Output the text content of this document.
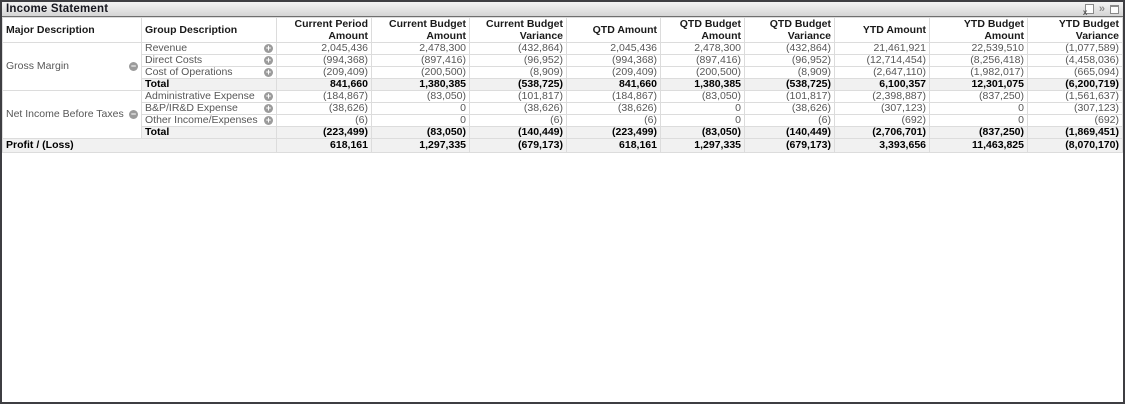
Income Statement	x »
Major Description	Group Description	Current Period Amount	Current Budget Amount	Current Budget Variance	QTD Amount	QTD Budget Amount	QTD Budget Variance	YTD Amount	YTD Budget Amount	YTD Budget Variance

Gross Margin −	Revenue +	2,045,436	2,478,300	(432,864)	2,045,436	2,478,300	(432,864)	21,461,921	22,539,510	(1,077,589)

	Direct Costs +	(994,368)	(897,416)	(96,952)	(994,368)	(897,416)	(96,952)	(12,714,454)	(8,256,418)	(4,458,036)

	Cost of Operations +	(209,409)	(200,500)	(8,909)	(209,409)	(200,500)	(8,909)	(2,647,110)	(1,982,017)	(665,094)
	Total	841,660	1,380,385	(538,725)	841,660	1,380,385	(538,725)	6,100,357	12,301,075	(6,200,719)

Net Income Before Taxes −	Administrative Expense +	(184,867)	(83,050)	(101,817)	(184,867)	(83,050)	(101,817)	(2,398,887)	(837,250)	(1,561,637)

	B&P/IR&D Expense +	(38,626)	0	(38,626)	(38,626)	0	(38,626)	(307,123)	0	(307,123)

	Other Income/Expenses +	(6)	0	(6)	(6)	0	(6)	(692)	0	(692)
	Total	(223,499)	(83,050)	(140,449)	(223,499)	(83,050)	(140,449)	(2,706,701)	(837,250)	(1,869,451)
Profit / (Loss)		618,161	1,297,335	(679,173)	618,161	1,297,335	(679,173)	3,393,656	11,463,825	(8,070,170)
